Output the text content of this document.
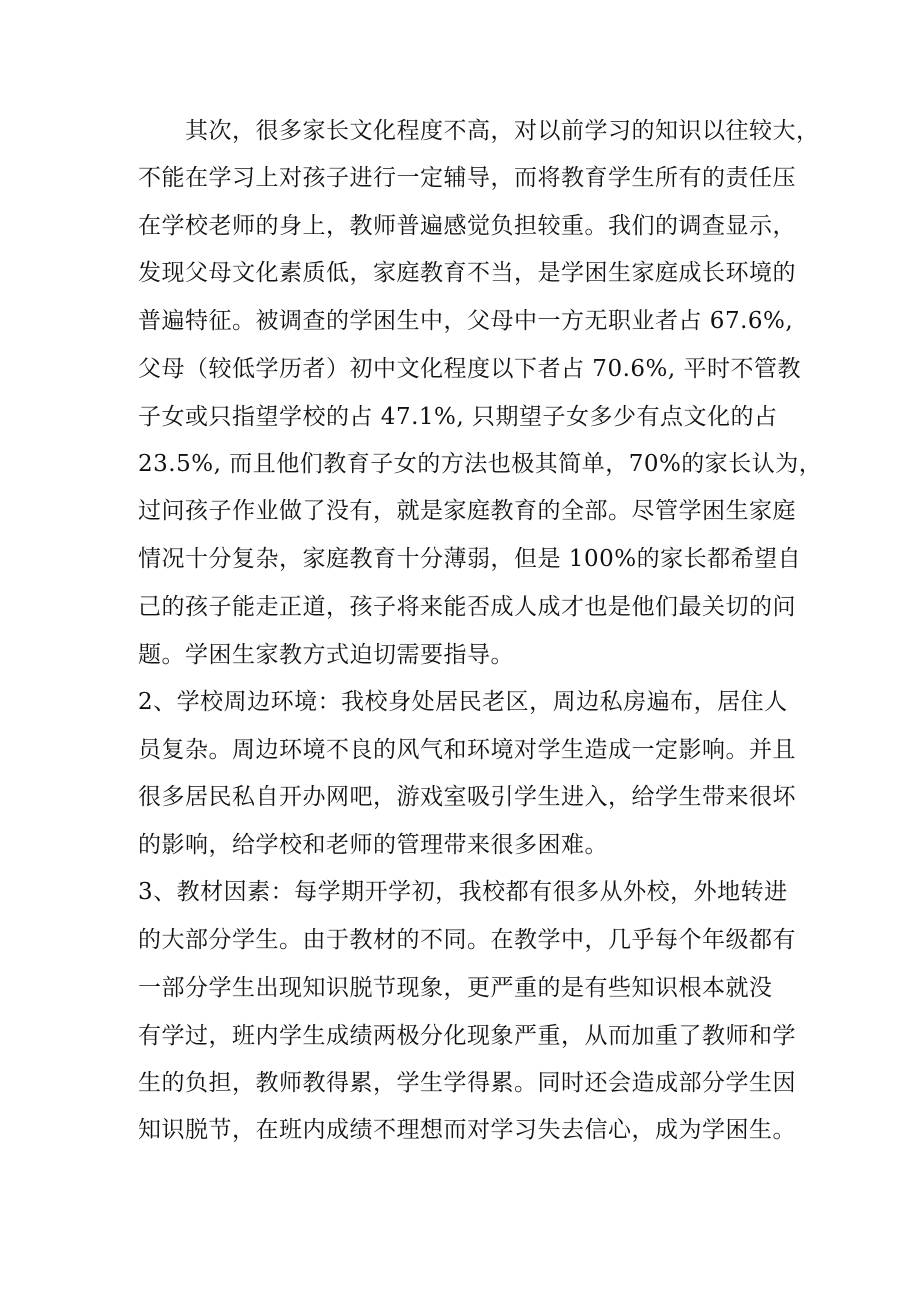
其次，很多家长文化程度不高，对以前学习的知识以往较大，
不能在学习上对孩子进行一定辅导，而将教育学生所有的责任压
在学校老师的身上，教师普遍感觉负担较重。我们的调查显示，
发现父母文化素质低，家庭教育不当，是学困生家庭成长环境的
普遍特征。被调查的学困生中，父母中一方无职业者占 67.6%,
父母（较低学历者）初中文化程度以下者占 70.6%, 平时不管教
子女或只指望学校的占 47.1%, 只期望子女多少有点文化的占
23.5%, 而且他们教育子女的方法也极其简单，70%的家长认为，
过问孩子作业做了没有，就是家庭教育的全部。尽管学困生家庭
情况十分复杂，家庭教育十分薄弱，但是 100%的家长都希望自
己的孩子能走正道，孩子将来能否成人成才也是他们最关切的问
题。学困生家教方式迫切需要指导。
2、学校周边环境：我校身处居民老区，周边私房遍布，居住人
员复杂。周边环境不良的风气和环境对学生造成一定影响。并且
很多居民私自开办网吧，游戏室吸引学生进入，给学生带来很坏
的影响，给学校和老师的管理带来很多困难。
3、教材因素：每学期开学初，我校都有很多从外校，外地转进
的大部分学生。由于教材的不同。在教学中，几乎每个年级都有
一部分学生出现知识脱节现象，更严重的是有些知识根本就没
有学过，班内学生成绩两极分化现象严重，从而加重了教师和学
生的负担，教师教得累，学生学得累。同时还会造成部分学生因
知识脱节，在班内成绩不理想而对学习失去信心，成为学困生。
